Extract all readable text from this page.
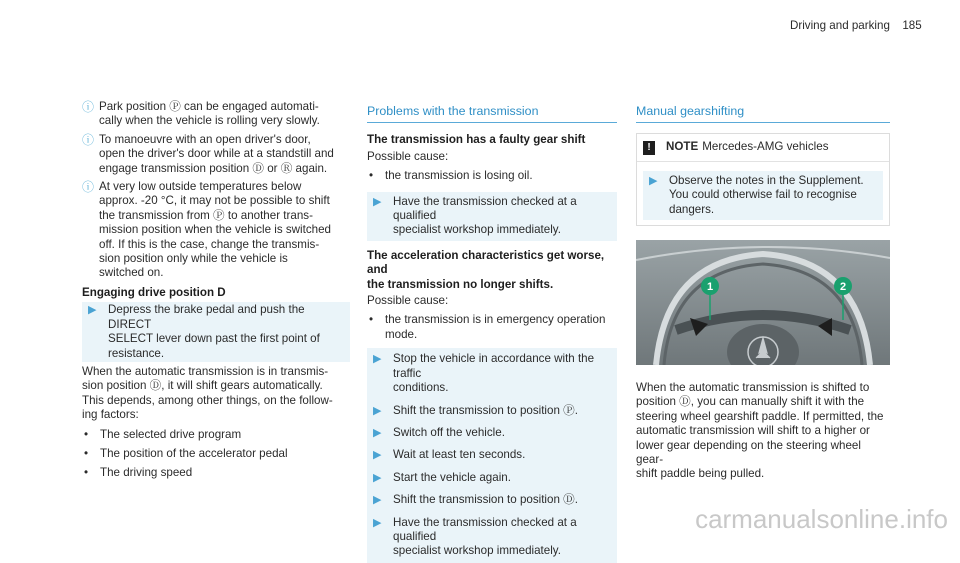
Driving and parking 185
ⓘ Park position Ⓟ can be engaged automati-
cally when the vehicle is rolling very slowly.
ⓘ To manoeuvre with an open driver's door,
open the driver's door while at a standstill and
engage transmission position Ⓓ or Ⓡ again.
ⓘ At very low outside temperatures below
approx. -20 °C, it may not be possible to shift
the transmission from Ⓟ to another trans-
mission position when the vehicle is switched
off. If this is the case, change the transmis-
sion position only while the vehicle is
switched on.
Engaging drive position D
▶ Depress the brake pedal and push the DIRECT
SELECT lever down past the first point of
resistance.

When the automatic transmission is in transmis-
sion position Ⓓ, it will shift gears automatically.
This depends, among other things, on the follow-
ing factors:

•	The selected drive program
•	The position of the accelerator pedal
•	The driving speed
Problems with the transmission
The transmission has a faulty gear shift
Possible cause:
•	the transmission is losing oil.
▶ Have the transmission checked at a qualified
specialist workshop immediately.
The acceleration characteristics get worse, and
the transmission no longer shifts.
Possible cause:
•	the transmission is in emergency operation
mode.
▶ Stop the vehicle in accordance with the traffic
conditions.
▶ Shift the transmission to position Ⓟ.
▶ Switch off the vehicle.
▶ Wait at least ten seconds.
▶ Start the vehicle again.
▶ Shift the transmission to position Ⓓ.
▶ Have the transmission checked at a qualified
specialist workshop immediately.
Manual gearshifting
!	NOTE Mercedes-AMG vehicles
▶ Observe the notes in the Supplement.
You could otherwise fail to recognise
dangers.
1	2

When the automatic transmission is shifted to
position Ⓓ, you can manually shift it with the
steering wheel gearshift paddle. If permitted, the
automatic transmission will shift to a higher or
lower gear depending on the steering wheel gear-
shift paddle being pulled.

carmanualsonline.info
